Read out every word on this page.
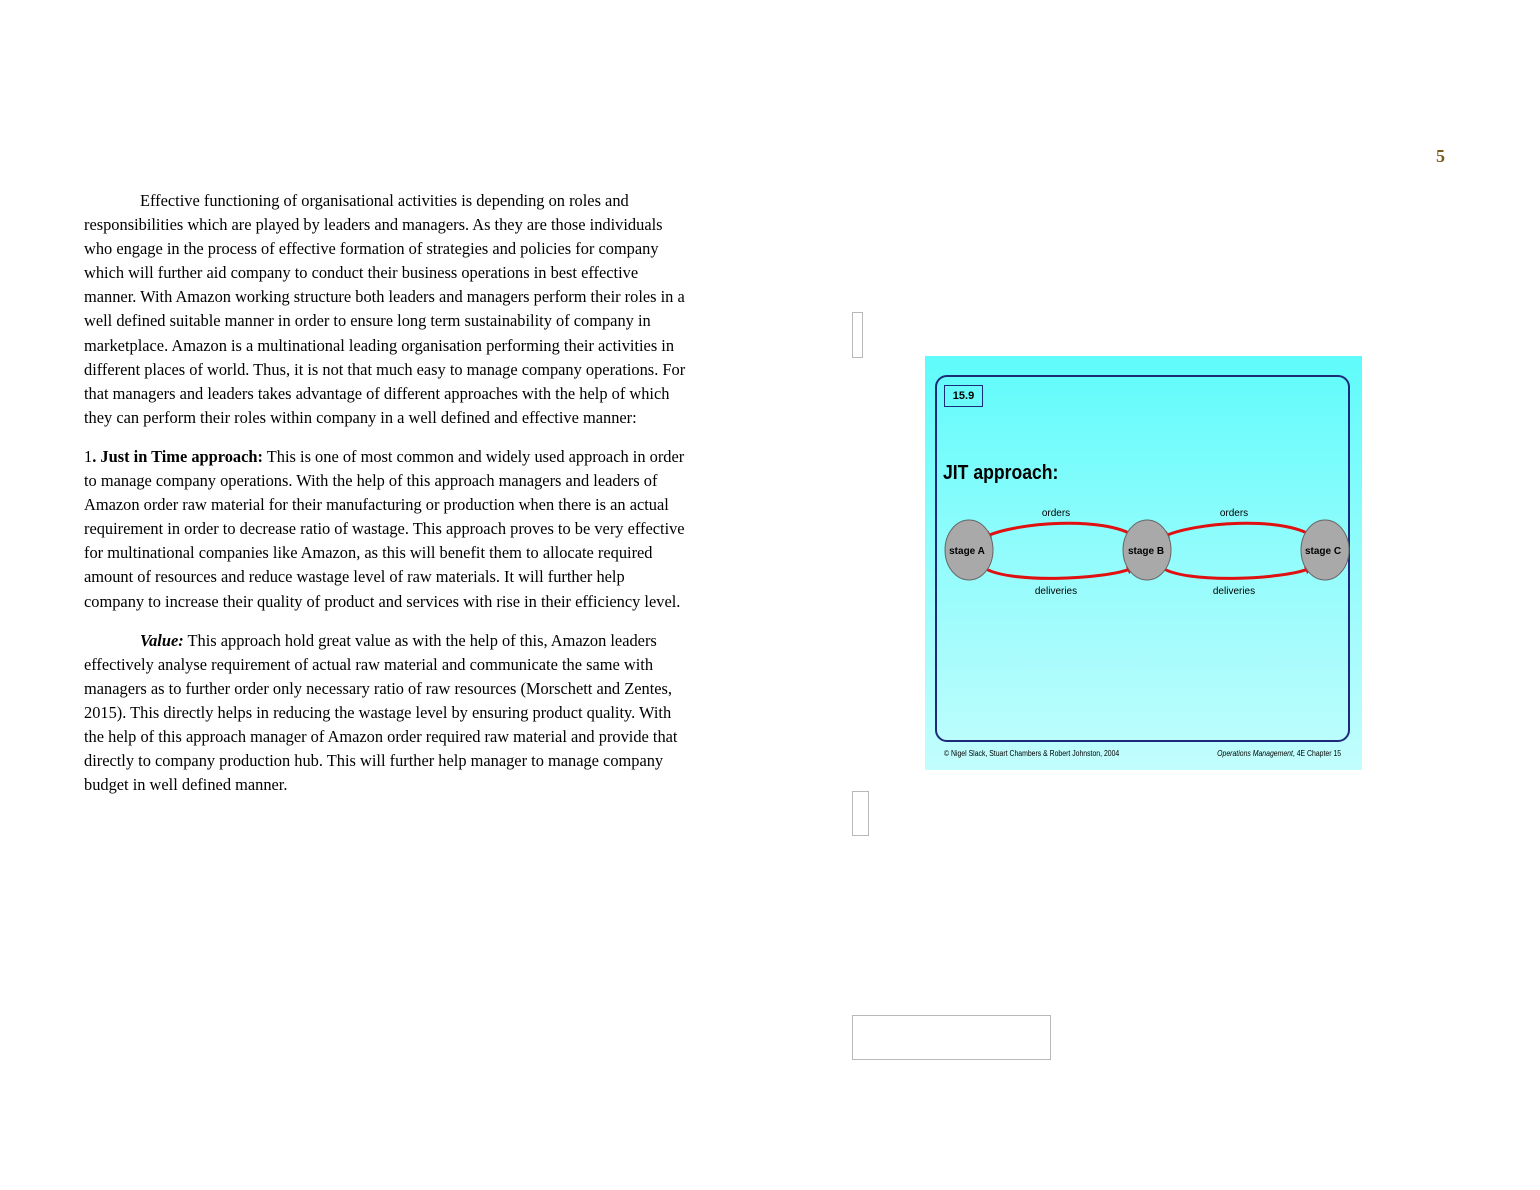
5

Effective functioning of organisational activities is depending on roles and responsibilities which are played by leaders and managers. As they are those individuals who engage in the process of effective formation of strategies and policies for company which will further aid company to conduct their business operations in best effective manner. With Amazon working structure both leaders and managers perform their roles in a well defined suitable manner in order to ensure long term sustainability of company in marketplace. Amazon is a multinational leading organisation performing their activities in different places of world. Thus, it is not that much easy to manage company operations. For that managers and leaders takes advantage of different approaches with the help of which they can perform their roles within company in a well defined and effective manner:

1. Just in Time approach: This is one of most common and widely used approach in order to manage company operations. With the help of this approach managers and leaders of Amazon order raw material for their manufacturing or production when there is an actual requirement in order to decrease ratio of wastage. This approach proves to be very effective for multinational companies like Amazon, as this will benefit them to allocate required amount of resources and reduce wastage level of raw materials. It will further help company to increase their quality of product and services with rise in their efficiency level.

Value: This approach hold great value as with the help of this, Amazon leaders effectively analyse requirement of actual raw material and communicate the same with managers as to further order only necessary ratio of raw resources (Morschett and Zentes, 2015). This directly helps in reducing the wastage level by ensuring product quality. With the help of this approach manager of Amazon order required raw material and provide that directly to company production hub. This will further help manager to manage company budget in well defined manner.

15.9
JIT approach:
stage A	stage B	stage C
orders	orders
deliveries	deliveries
© Nigel Slack, Stuart Chambers & Robert Johnston, 2004	Operations Management, 4E Chapter 15
